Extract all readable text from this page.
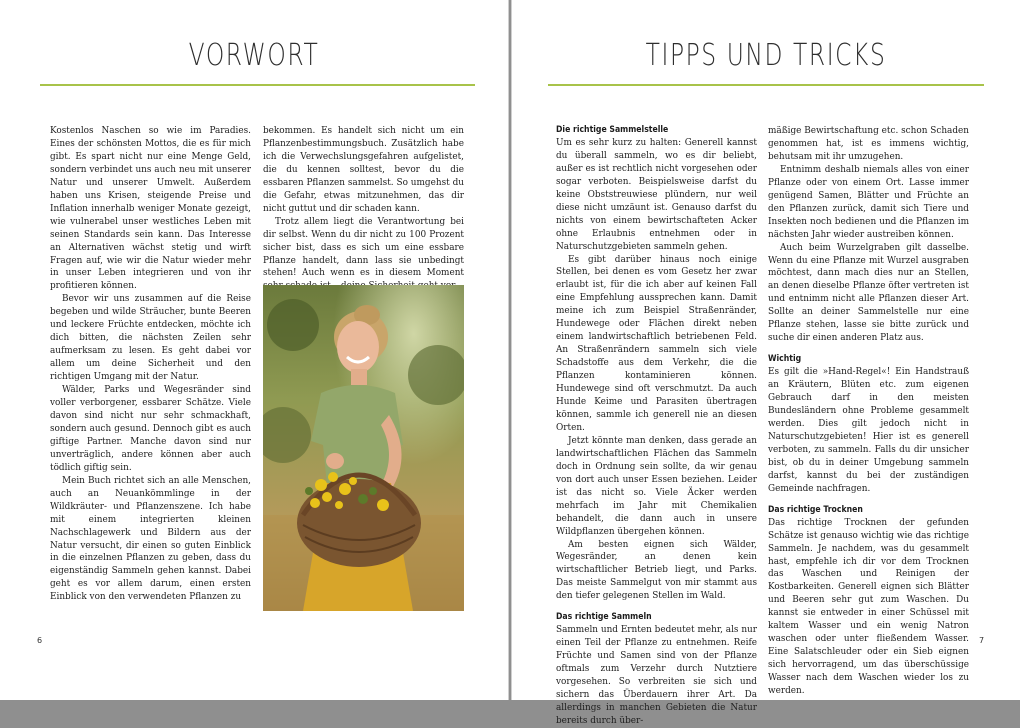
VORWORT

Kostenlos Naschen so wie im Paradies. Eines der schönsten Mottos, die es für mich gibt. Es spart nicht nur eine Menge Geld, sondern verbindet uns auch neu mit unserer Natur und unserer Umwelt. Außerdem haben uns Krisen, steigende Preise und Inflation innerhalb weniger Monate gezeigt, wie vulnerabel unser westliches Leben mit seinen Standards sein kann. Das Interesse an Alternativen wächst stetig und wirft Fragen auf, wie wir die Natur wieder mehr in unser Leben integrieren und von ihr profitieren können.

Bevor wir uns zusammen auf die Reise begeben und wilde Sträucher, bunte Beeren und leckere Früchte entdecken, möchte ich dich bitten, die nächsten Zeilen sehr aufmerksam zu lesen. Es geht dabei vor allem um deine Sicherheit und den richtigen Umgang mit der Natur.

Wälder, Parks und Wegesränder sind voller verborgener, essbarer Schätze. Viele davon sind nicht nur sehr schmackhaft, sondern auch gesund. Dennoch gibt es auch giftige Partner. Manche davon sind nur unverträglich, andere können aber auch tödlich giftig sein.

Mein Buch richtet sich an alle Menschen, auch an Neuankömmlinge in der Wildkräuter- und Pflanzenszene. Ich habe mit einem integrierten kleinen Nachschlagewerk und Bildern aus der Natur versucht, dir einen so guten Einblick in die einzelnen Pflanzen zu geben, dass du eigenständig Sammeln gehen kannst. Dabei geht es vor allem darum, einen ersten Einblick von den verwendeten Pflanzen zu

bekommen. Es handelt sich nicht um ein Pflanzenbestimmungsbuch. Zusätzlich habe ich die Verwechslungsgefahren aufgelistet, die du kennen solltest, bevor du die essbaren Pflanzen sammelst. So umgehst du die Gefahr, etwas mitzunehmen, das dir nicht guttut und dir schaden kann.

Trotz allem liegt die Verantwortung bei dir selbst. Wenn du dir nicht zu 100 Prozent sicher bist, dass es sich um eine essbare Pflanze handelt, dann lass sie unbedingt stehen! Auch wenn es in diesem Moment

6
TIPPS UND TRICKS
Die richtige Sammelstelle

Um es sehr kurz zu halten: Generell kannst du überall sammeln, wo es dir beliebt, außer es ist rechtlich nicht vorgesehen oder sogar verboten. Beispielsweise darfst du keine Obststreuwiese plündern, nur weil diese nicht umzäunt ist. Genauso darfst du nichts von einem bewirtschafteten Acker ohne Erlaubnis entnehmen oder in Naturschutzgebieten sammeln gehen.

Es gibt darüber hinaus noch einige Stellen, bei denen es vom Gesetz her zwar erlaubt ist, für die ich aber auf keinen Fall eine Empfehlung aussprechen kann. Damit meine ich zum Beispiel Straßenränder, Hundewege oder Flächen direkt neben einem landwirtschaftlich betriebenen Feld. An Straßenrändern sammeln sich viele Schadstoffe aus dem Verkehr, die die Pflanzen kontaminieren können. Hundewege sind oft verschmutzt. Da auch Hunde Keime und Parasiten übertragen können, sammle ich generell nie an diesen Orten.

Jetzt könnte man denken, dass gerade an landwirtschaftlichen Flächen das Sammeln doch in Ordnung sein sollte, da wir genau von dort auch unser Essen beziehen. Leider ist das nicht so. Viele Äcker werden mehrfach im Jahr mit Chemikalien behandelt, die dann auch in unsere Wildpflanzen übergehen können.

Am besten eignen sich Wälder, Wegesränder, an denen kein wirtschaftlicher Betrieb liegt, und Parks. Das meiste Sammelgut von mir stammt aus den tiefer gelegenen Stellen im Wald.

Das richtige Sammeln

Sammeln und Ernten bedeutet mehr, als nur einen Teil der Pflanze zu entnehmen. Reife Früchte und Samen sind von der Pflanze oftmals zum Verzehr durch Nutztiere vorgesehen. So verbreiten sie sich und sichern das Überdauern ihrer Art. Da allerdings in manchen Gebieten die Natur bereits durch über-

mäßige Bewirtschaftung etc. schon Schaden genommen hat, ist es immens wichtig, behutsam mit ihr umzugehen.

Entnimm deshalb niemals alles von einer Pflanze oder von einem Ort. Lasse immer genügend Samen, Blätter und Früchte an den Pflanzen zurück, damit sich Tiere und Insekten noch bedienen und die Pflanzen im nächsten Jahr wieder austreiben können.

Auch beim Wurzelgraben gilt dasselbe. Wenn du eine Pflanze mit Wurzel ausgraben möchtest, dann mach dies nur an Stellen, an denen dieselbe Pflanze öfter vertreten ist und entnimm nicht alle Pflanzen dieser Art. Sollte an deiner Sammelstelle nur eine Pflanze stehen, lasse sie bitte zurück und suche dir einen anderen Platz aus.

Wichtig

Es gilt die »Hand-Regel«! Ein Handstrauß an Kräutern, Blüten etc. zum eigenen Gebrauch darf in den meisten Bundesländern ohne Probleme gesammelt werden. Dies gilt jedoch nicht in Naturschutzgebieten! Hier ist es generell verboten, zu sammeln. Falls du dir unsicher bist, ob du in deiner Umgebung sammeln darfst, kannst du bei der zuständigen Gemeinde nachfragen.

Das richtige Trocknen

Das richtige Trocknen der gefunden Schätze ist genauso wichtig wie das richtige Sammeln. Je nachdem, was du gesammelt hast, empfehle ich dir vor dem Trocknen das Waschen und Reinigen der Kostbarkeiten. Generell eignen sich Blätter und Beeren sehr gut zum Waschen. Du kannst sie entweder in einer Schüssel mit kaltem Wasser und ein wenig Natron waschen oder unter fließendem Wasser. Eine Salatschleuder oder ein Sieb eignen sich hervorragend, um das überschüssige Wasser nach dem Waschen wieder los zu werden.

7
